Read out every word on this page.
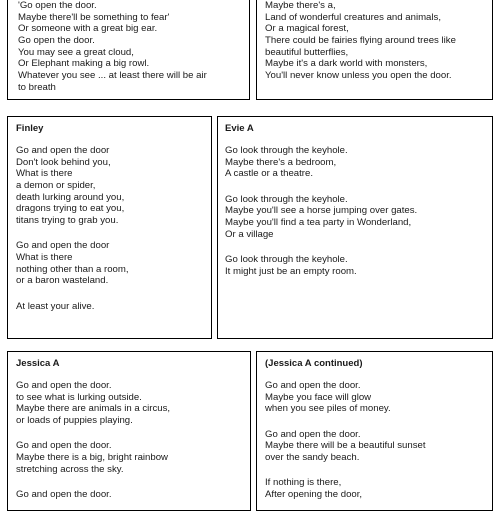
'Go open the door.
Maybe there'll be something to fear'
Or someone with a great big ear.
Go open the door.
You may see a great cloud,
Or Elephant making a big rowl.
Whatever you see ... at least there will be air
to breath
Maybe there's a,
Land of wonderful creatures and animals,
Or a magical forest,
There could be fairies flying around trees like
beautiful butterflies,
Maybe it's a dark world with monsters,
You'll never know unless you open the door.
Finley
Go and open the door
Don't look behind you,
What is there
a demon or spider,
death lurking around you,
dragons trying to eat you,
titans trying to grab you.
Go and open the door
What is there
nothing other than a room,
or a baron wasteland.
At least your alive.
Evie A
Go look through the keyhole.
Maybe there's a bedroom,
A castle or a theatre.
Go look through the keyhole.
Maybe you'll see a horse jumping over gates.
Maybe you'll find a tea party in Wonderland,
Or a village
Go look through the keyhole.
It might just be an empty room.
Jessica A
Go and open the door.
to see what is lurking outside.
Maybe there are animals in a circus,
or loads of puppies playing.
Go and open the door.
Maybe there is a big, bright rainbow
stretching across the sky.
Go and open the door.
(Jessica A continued)
Go and open the door.
Maybe you face will glow
when you see piles of money.
Go and open the door.
Maybe there will be a beautiful sunset
over the sandy beach.
If nothing is there,
After opening the door,
